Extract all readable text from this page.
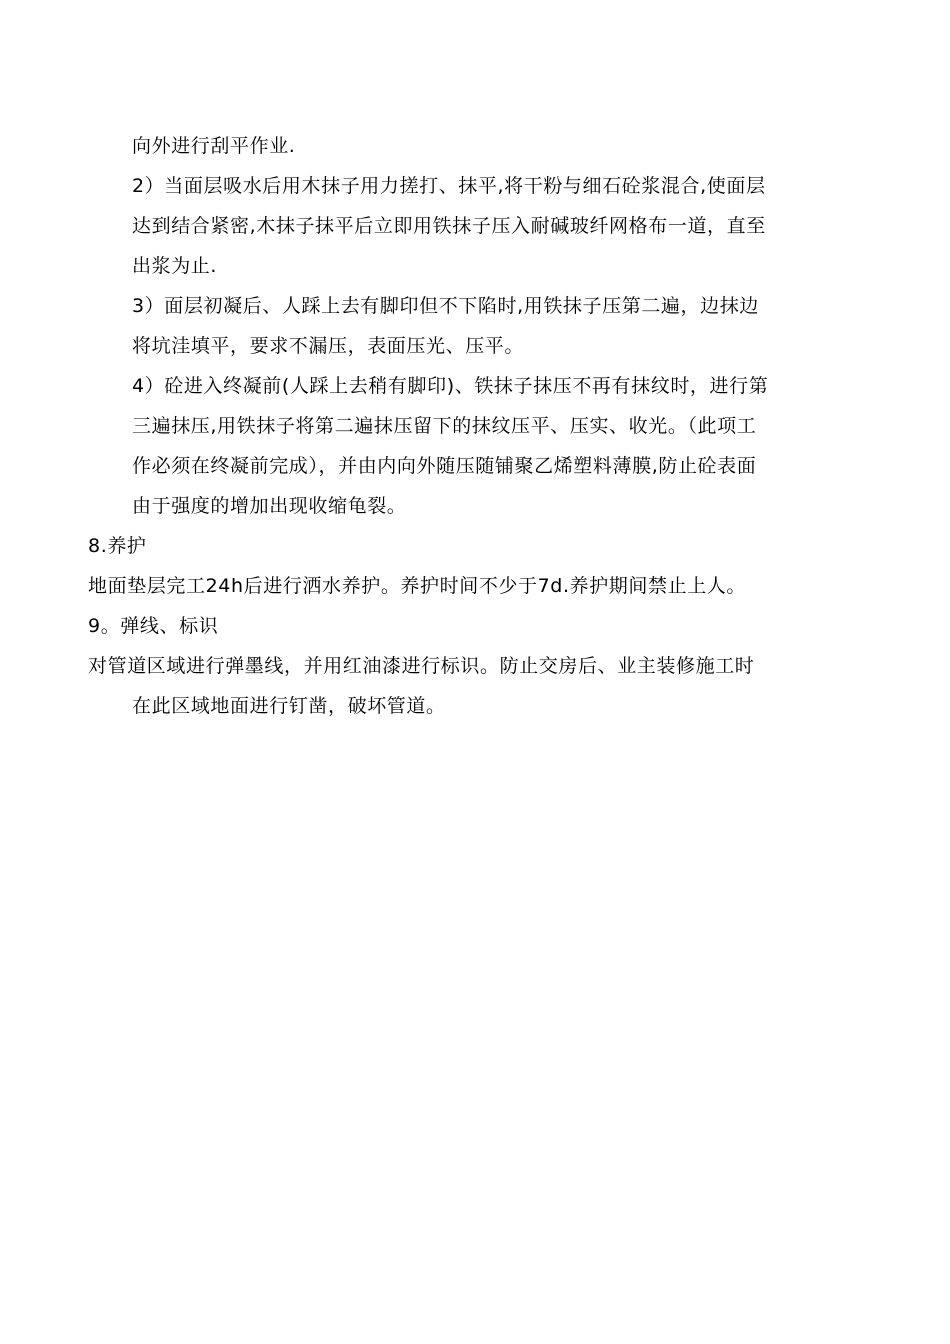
向外进行刮平作业.
2）当面层吸水后用木抹子用力搓打、抹平,将干粉与细石砼浆混合,使面层
达到结合紧密,木抹子抹平后立即用铁抹子压入耐碱玻纤网格布一道，直至
出浆为止.
3）面层初凝后、人踩上去有脚印但不下陷时,用铁抹子压第二遍，边抹边
将坑洼填平，要求不漏压，表面压光、压平。
4）砼进入终凝前(人踩上去稍有脚印)、铁抹子抹压不再有抹纹时，进行第
三遍抹压,用铁抹子将第二遍抹压留下的抹纹压平、压实、收光。（此项工
作必须在终凝前完成），并由内向外随压随铺聚乙烯塑料薄膜,防止砼表面
由于强度的增加出现收缩龟裂。
8.养护
地面垫层完工24h后进行洒水养护。养护时间不少于7d.养护期间禁止上人。
9。弹线、标识
对管道区域进行弹墨线，并用红油漆进行标识。防止交房后、业主装修施工时
在此区域地面进行钉凿，破坏管道。
